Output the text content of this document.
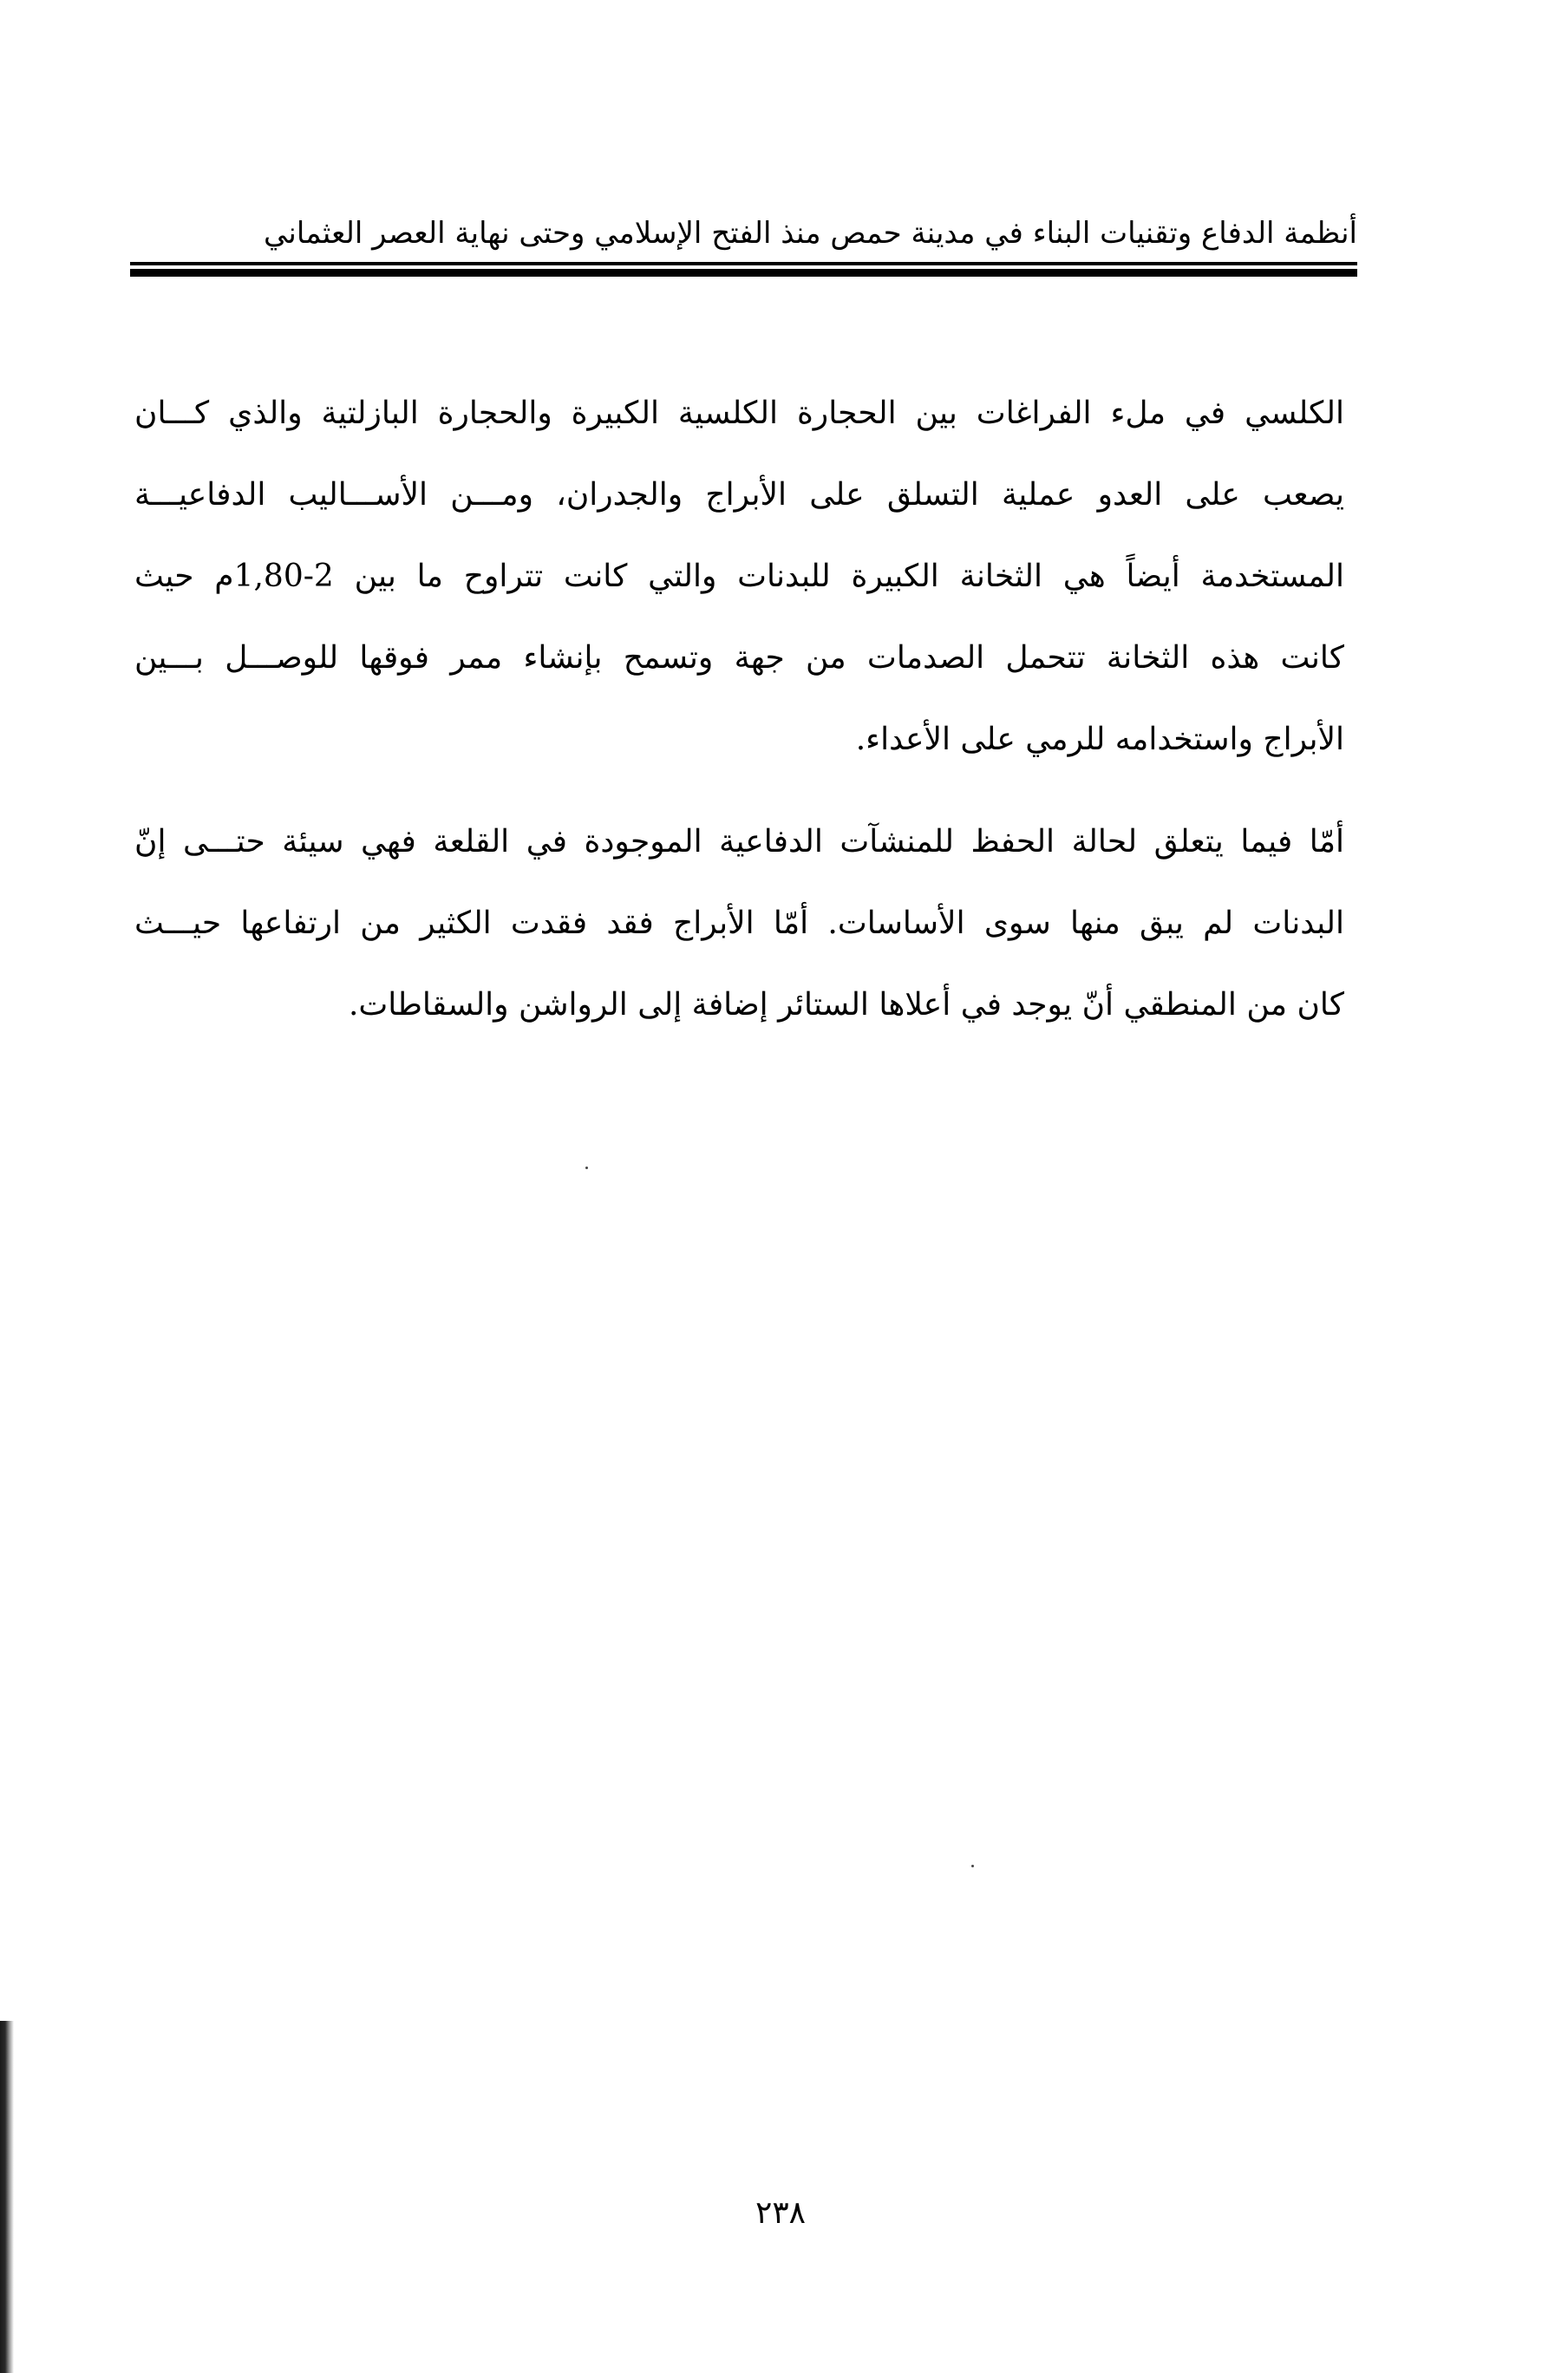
أنظمة الدفاع وتقنيات البناء في مدينة حمص منذ الفتح الإسلامي وحتى نهاية العصر العثماني
الكلسي في ملء الفراغات بين الحجارة الكلسية الكبيرة والحجارة البازلتية والذي كـــان
يصعب على العدو عملية التسلق على الأبراج والجدران، ومـــن الأســـاليب الدفاعيـــة
المستخدمة أيضاً هي الثخانة الكبيرة للبدنات والتي كانت تتراوح ما بين 2-1,80م حيث
كانت هذه الثخانة تتحمل الصدمات من جهة وتسمح بإنشاء ممر فوقها للوصـــل بـــين
الأبراج واستخدامه للرمي على الأعداء.
أمّا فيما يتعلق لحالة الحفظ للمنشآت الدفاعية الموجودة في القلعة فهي سيئة حتـــى إنّ
البدنات لم يبق منها سوى الأساسات. أمّا الأبراج فقد فقدت الكثير من ارتفاعها حيـــث
كان من المنطقي أنّ يوجد في أعلاها الستائر إضافة إلى الرواشن والسقاطات.
٢٣٨
